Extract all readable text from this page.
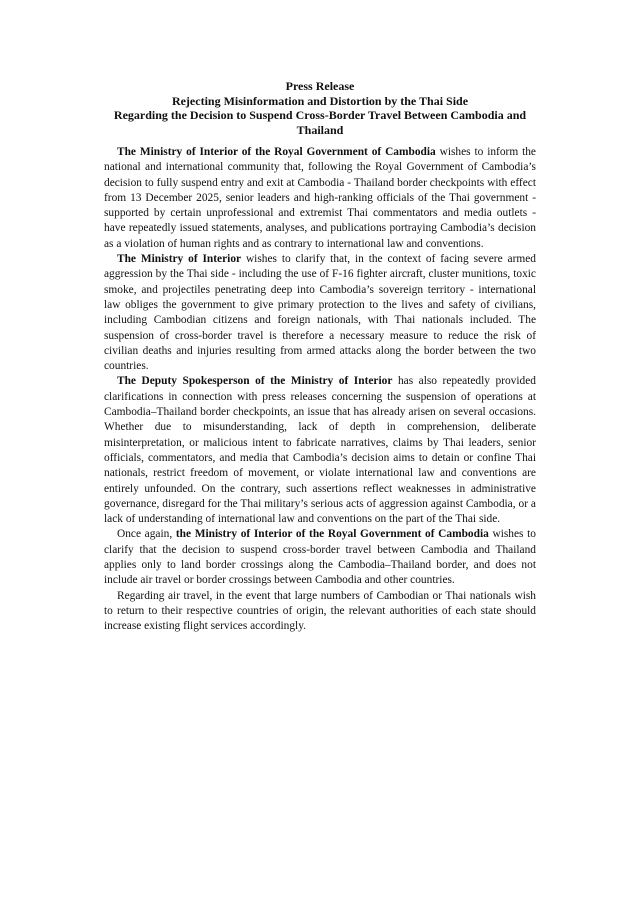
Press Release
Rejecting Misinformation and Distortion by the Thai Side
Regarding the Decision to Suspend Cross-Border Travel Between Cambodia and Thailand

The Ministry of Interior of the Royal Government of Cambodia wishes to inform the national and international community that, following the Royal Government of Cambodia’s decision to fully suspend entry and exit at Cambodia - Thailand border checkpoints with effect from 13 December 2025, senior leaders and high-ranking officials of the Thai government - supported by certain unprofessional and extremist Thai commentators and media outlets - have repeatedly issued statements, analyses, and publications portraying Cambodia’s decision as a violation of human rights and as contrary to international law and conventions.

The Ministry of Interior wishes to clarify that, in the context of facing severe armed aggression by the Thai side - including the use of F-16 fighter aircraft, cluster munitions, toxic smoke, and projectiles penetrating deep into Cambodia’s sovereign territory - international law obliges the government to give primary protection to the lives and safety of civilians, including Cambodian citizens and foreign nationals, with Thai nationals included. The suspension of cross-border travel is therefore a necessary measure to reduce the risk of civilian deaths and injuries resulting from armed attacks along the border between the two countries.

The Deputy Spokesperson of the Ministry of Interior has also repeatedly provided clarifications in connection with press releases concerning the suspension of operations at Cambodia–Thailand border checkpoints, an issue that has already arisen on several occasions. Whether due to misunderstanding, lack of depth in comprehension, deliberate misinterpretation, or malicious intent to fabricate narratives, claims by Thai leaders, senior officials, commentators, and media that Cambodia’s decision aims to detain or confine Thai nationals, restrict freedom of movement, or violate international law and conventions are entirely unfounded. On the contrary, such assertions reflect weaknesses in administrative governance, disregard for the Thai military’s serious acts of aggression against Cambodia, or a lack of understanding of international law and conventions on the part of the Thai side.

Once again, the Ministry of Interior of the Royal Government of Cambodia wishes to clarify that the decision to suspend cross-border travel between Cambodia and Thailand applies only to land border crossings along the Cambodia–Thailand border, and does not include air travel or border crossings between Cambodia and other countries.

Regarding air travel, in the event that large numbers of Cambodian or Thai nationals wish to return to their respective countries of origin, the relevant authorities of each state should increase existing flight services accordingly.
